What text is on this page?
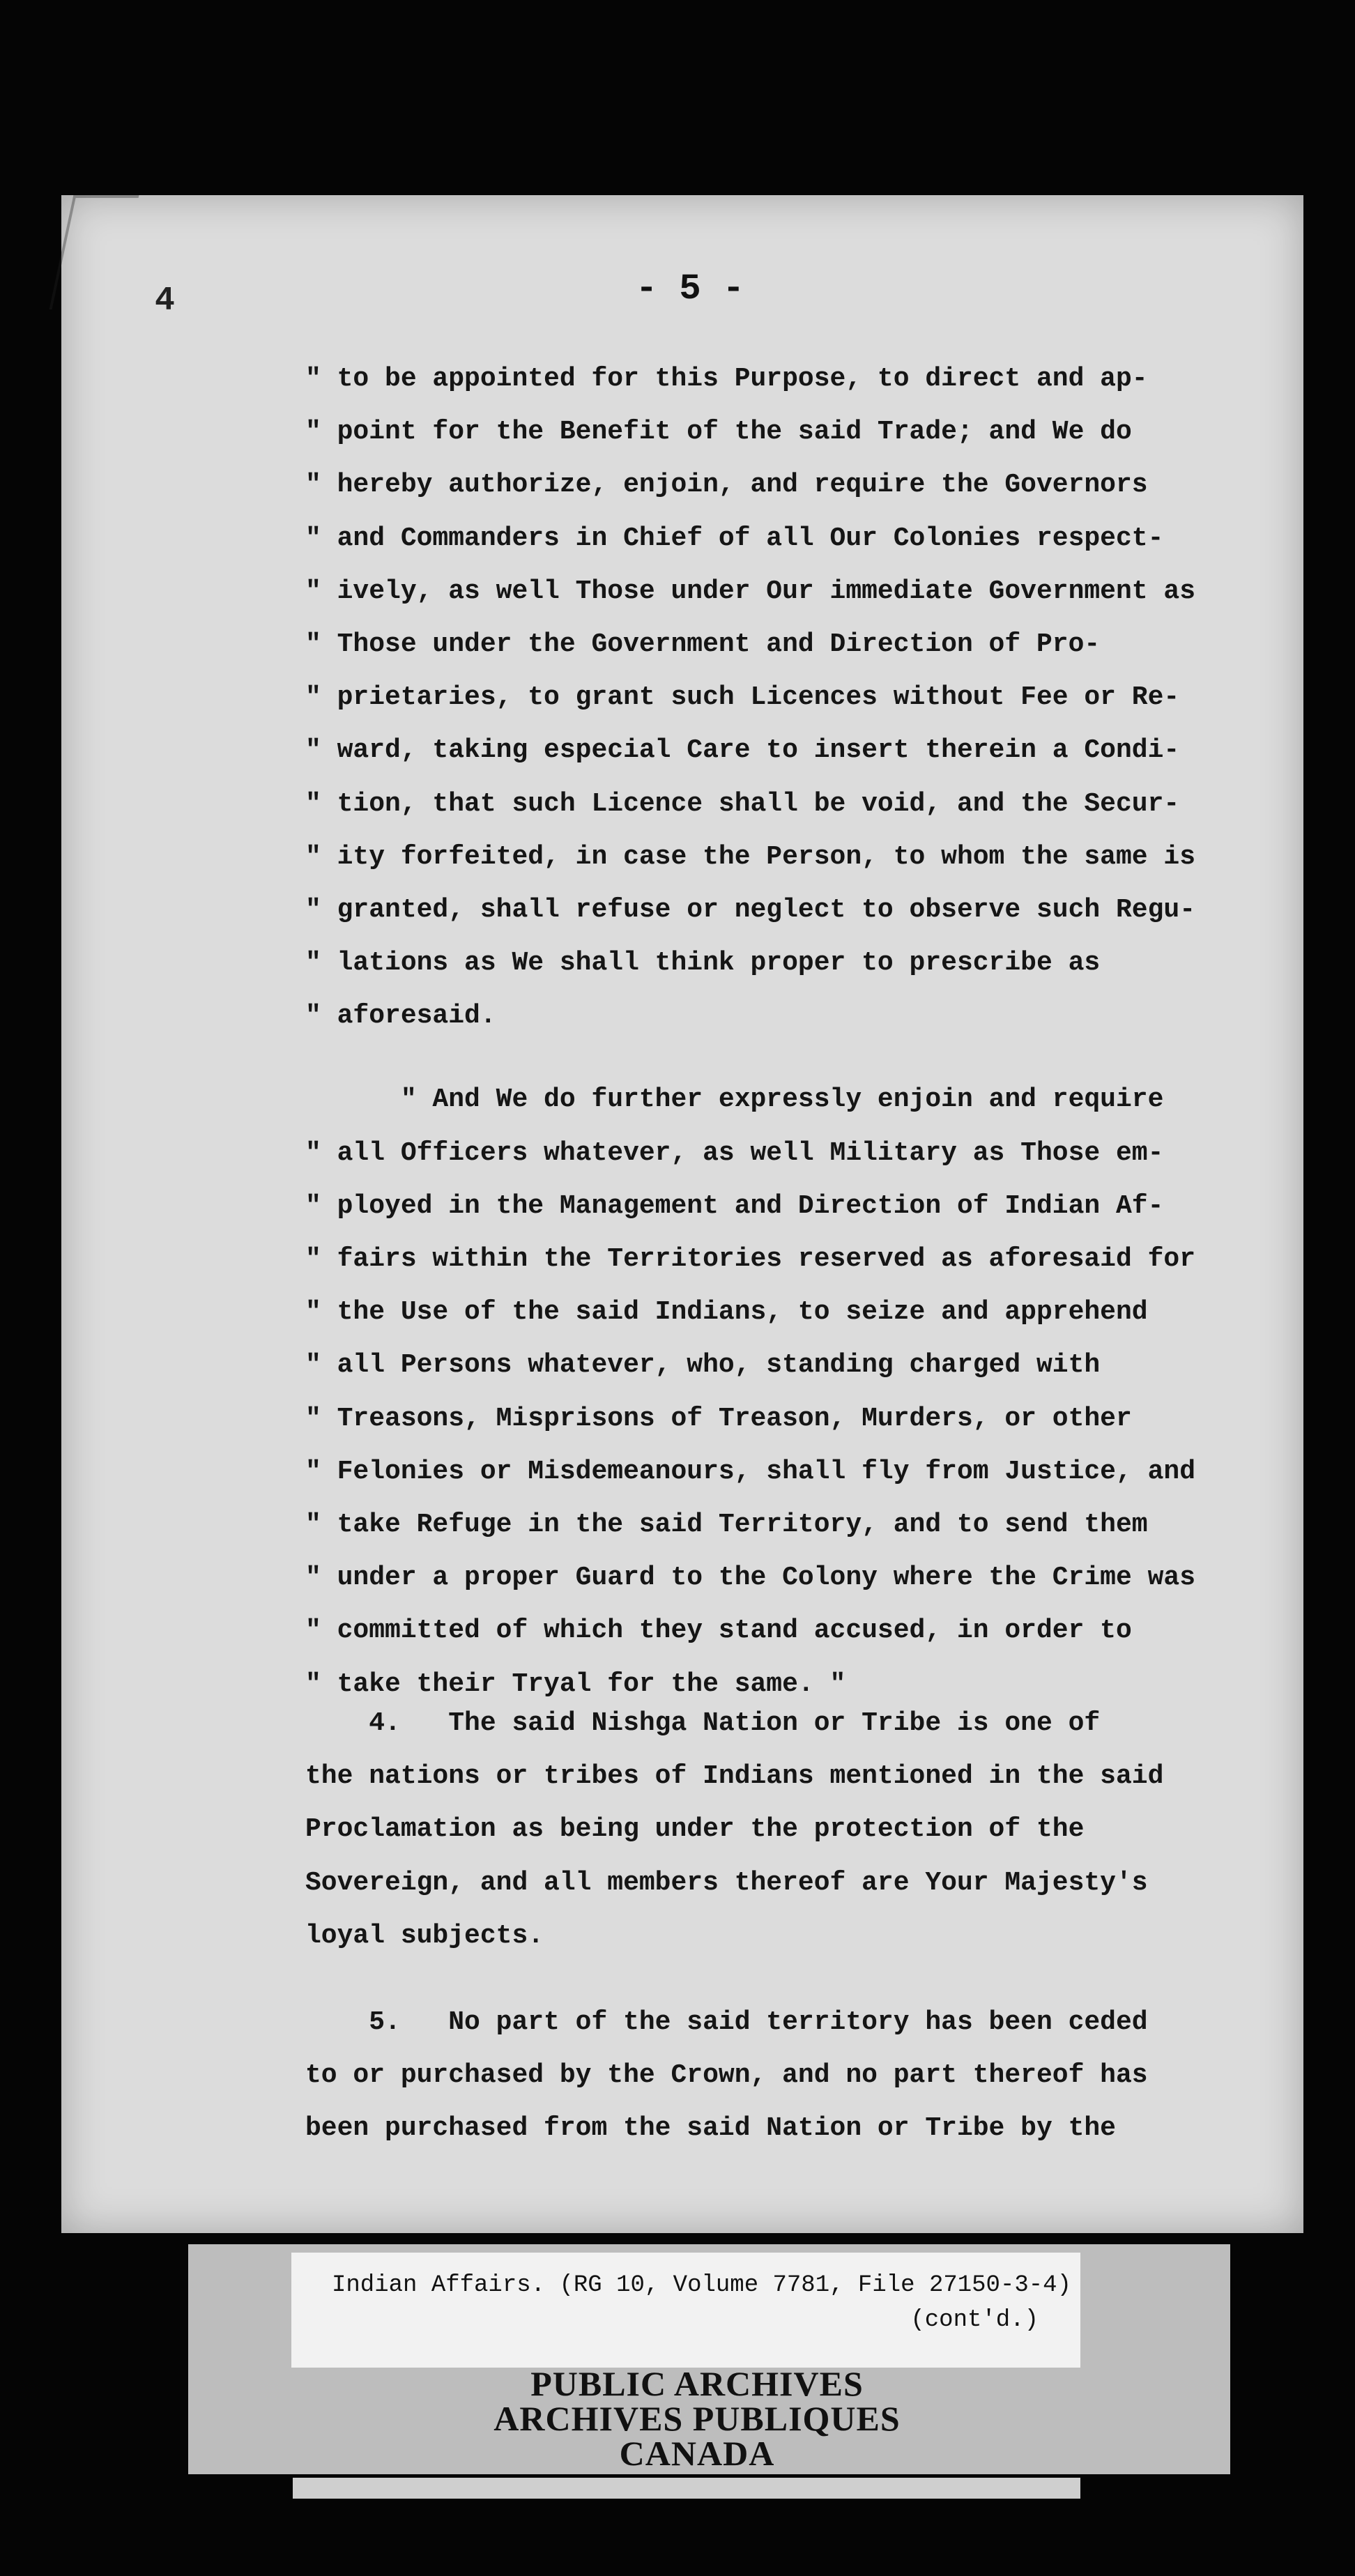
4	- 5 -
" to be appointed for this Purpose, to direct and ap-
" point for the Benefit of the said Trade; and We do
" hereby authorize, enjoin, and require the Governors
" and Commanders in Chief of all Our Colonies respect-
" ively, as well Those under Our immediate Government as
" Those under the Government and Direction of Pro-
" prietaries, to grant such Licences without Fee or Re-
" ward, taking especial Care to insert therein a Condi-
" tion, that such Licence shall be void, and the Secur-
" ity forfeited, in case the Person, to whom the same is
" granted, shall refuse or neglect to observe such Regu-
" lations as We shall think proper to prescribe as
" aforesaid.
" And We do further expressly enjoin and require
" all Officers whatever, as well Military as Those em-
" ployed in the Management and Direction of Indian Af-
" fairs within the Territories reserved as aforesaid for
" the Use of the said Indians, to seize and apprehend
" all Persons whatever, who, standing charged with
" Treasons, Misprisons of Treason, Murders, or other
" Felonies or Misdemeanours, shall fly from Justice, and
" take Refuge in the said Territory, and to send them
" under a proper Guard to the Colony where the Crime was
" committed of which they stand accused, in order to
" take their Tryal for the same. "
4.   The said Nishga Nation or Tribe is one of
the nations or tribes of Indians mentioned in the said
Proclamation as being under the protection of the
Sovereign, and all members thereof are Your Majesty's
loyal subjects.
5.   No part of the said territory has been ceded
to or purchased by the Crown, and no part thereof has
been purchased from the said Nation or Tribe by the
Indian Affairs. (RG 10, Volume 7781, File 27150-3-4)
(cont'd.)
PUBLIC ARCHIVES
ARCHIVES PUBLIQUES
CANADA
